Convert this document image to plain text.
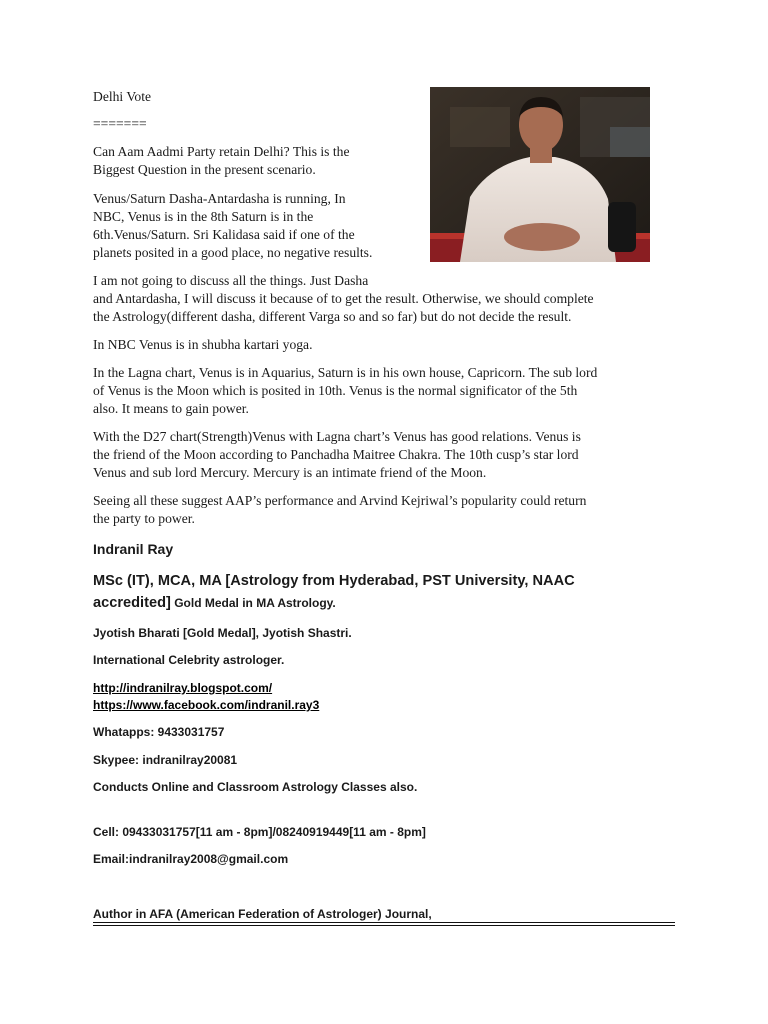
Delhi Vote

=======

Can Aam Aadmi Party retain Delhi? This is the

Biggest Question in the present scenario.

Venus/Saturn Dasha-Antardasha is running, In

NBC, Venus is in the 8th Saturn is in the

6th.Venus/Saturn. Sri Kalidasa said if one of the

planets posited in a good place, no negative results.

I am not going to discuss all the things. Just Dasha

and Antardasha, I will discuss it because of to get the result. Otherwise, we should complete

the Astrology(different dasha, different Varga so and so far) but do not decide the result.

In NBC Venus is in shubha kartari yoga.

In the Lagna chart, Venus is in Aquarius, Saturn is in his own house, Capricorn. The sub lord

of Venus is the Moon which is posited in 10th. Venus is the normal significator of the 5th

also. It means to gain power.

With the D27 chart(Strength)Venus with Lagna chart’s Venus has good relations. Venus is

the friend of the Moon according to Panchadha Maitree Chakra. The 10th cusp’s star lord

Venus and sub lord Mercury. Mercury is an intimate friend of the Moon.

Seeing all these suggest AAP’s performance and Arvind Kejriwal’s popularity could return

the party to power.

Indranil Ray

MSc (IT), MCA, MA [Astrology from Hyderabad, PST University, NAAC

accredited] Gold Medal in MA Astrology.

Jyotish Bharati [Gold Medal], Jyotish Shastri.

International Celebrity astrologer.

http://indranilray.blogspot.com/
https://www.facebook.com/indranil.ray3

Whatapps: 9433031757

Skypee: indranilray20081

Conducts Online and Classroom Astrology Classes also.

Cell: 09433031757[11 am - 8pm]/08240919449[11 am - 8pm]

Email:indranilray2008@gmail.com

Author in AFA (American Federation of Astrologer) Journal,
